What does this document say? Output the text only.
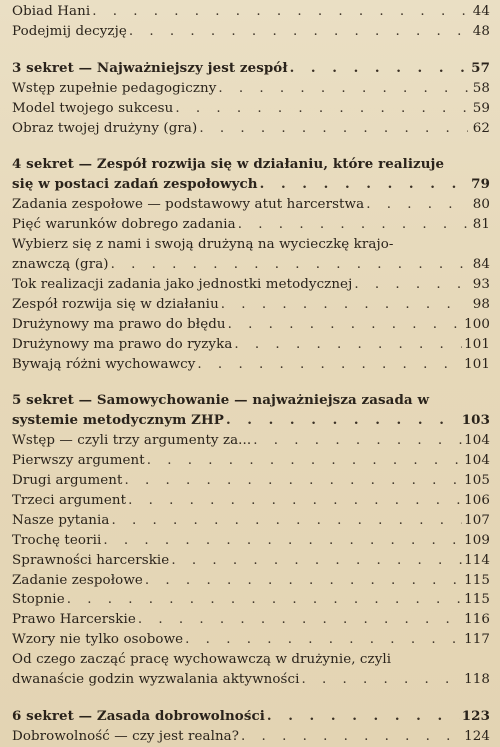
Obiad Hani . . .	44
Podejmij decyzję . . .	48
3 sekret — Najważniejszy jest zespół . . .	57
Wstęp zupełnie pedagogiczny . . .	58
Model twojego sukcesu . . .	59
Obraz twojej drużyny (gra) . . .	62
4 sekret — Zespół rozwija się w działaniu, które realizuje
się w postaci zadań zespołowych . . .	79
Zadania zespołowe — podstawowy atut harcerstwa . . .	80
Pięć warunków dobrego zadania . . .	81
Wybierz się z nami i swoją drużyną na wycieczkę krajo-
znawczą (gra) . . .	84
Tok realizacji zadania jako jednostki metodycznej . . .	93
Zespół rozwija się w działaniu . . .	98
Drużynowy ma prawo do błędu . . .	100
Drużynowy ma prawo do ryzyka . . .	101
Bywają różni wychowawcy . . .	101
5 sekret — Samowychowanie — najważniejsza zasada w
systemie metodycznym ZHP . . .	103
Wstęp — czyli trzy argumenty za... . . .	104
Pierwszy argument . . .	104
Drugi argument . . .	105
Trzeci argument . . .	106
Nasze pytania . . .	107
Trochę teorii . . .	109
Sprawności harcerskie . . .	114
Zadanie zespołowe . . .	115
Stopnie . . .	115
Prawo Harcerskie . . .	116
Wzory nie tylko osobowe . . .	117
Od czego zacząć pracę wychowawczą w drużynie, czyli
dwanaście godzin wyzwalania aktywności . . .	118
6 sekret — Zasada dobrowolności . . .	123
Dobrowolność — czy jest realna? . . .	124
